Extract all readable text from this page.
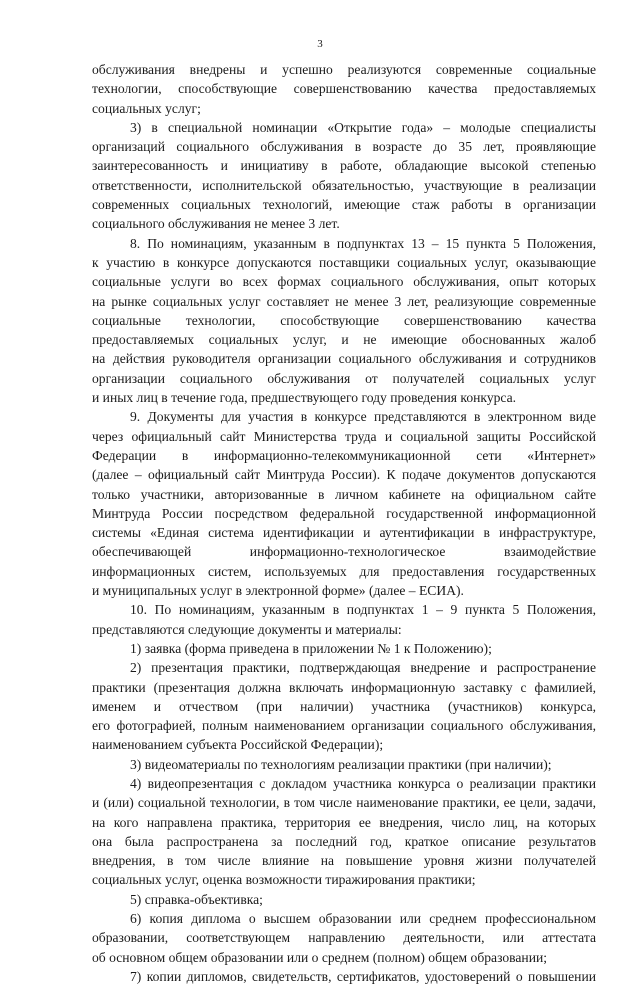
3

обслуживания внедрены и успешно реализуются современные социальные

технологии, способствующие совершенствованию качества предоставляемых

социальных услуг;

3) в специальной номинации «Открытие года» – молодые специалисты

организаций социального обслуживания в возрасте до 35 лет, проявляющие

заинтересованность и инициативу в работе, обладающие высокой степенью

ответственности, исполнительской обязательностью, участвующие в реализации

современных социальных технологий, имеющие стаж работы в организации

социального обслуживания не менее 3 лет.

8. По номинациям, указанным в подпунктах 13 – 15 пункта 5 Положения,

к участию в конкурсе допускаются поставщики социальных услуг, оказывающие

социальные услуги во всех формах социального обслуживания, опыт которых

на рынке социальных услуг составляет не менее 3 лет, реализующие современные

социальные технологии, способствующие совершенствованию качества

предоставляемых социальных услуг, и не имеющие обоснованных жалоб

на действия руководителя организации социального обслуживания и сотрудников

организации социального обслуживания от получателей социальных услуг

и иных лиц в течение года, предшествующего году проведения конкурса.

9. Документы для участия в конкурсе представляются в электронном виде

через официальный сайт Министерства труда и социальной защиты Российской

Федерации в информационно-телекоммуникационной сети «Интернет»

(далее – официальный сайт Минтруда России). К подаче документов допускаются

только участники, авторизованные в личном кабинете на официальном сайте

Минтруда России посредством федеральной государственной информационной

системы «Единая система идентификации и аутентификации в инфраструктуре,

обеспечивающей информационно-технологическое взаимодействие

информационных систем, используемых для предоставления государственных

и муниципальных услуг в электронной форме» (далее – ЕСИА).

10. По номинациям, указанным в подпунктах 1 – 9 пункта 5 Положения,

представляются следующие документы и материалы:

1) заявка (форма приведена в приложении № 1 к Положению);

2) презентация практики, подтверждающая внедрение и распространение

практики (презентация должна включать информационную заставку с фамилией,

именем и отчеством (при наличии) участника (участников) конкурса,

его фотографией, полным наименованием организации социального обслуживания,

наименованием субъекта Российской Федерации);

3) видеоматериалы по технологиям реализации практики (при наличии);

4) видеопрезентация с докладом участника конкурса о реализации практики

и (или) социальной технологии, в том числе наименование практики, ее цели, задачи,

на кого направлена практика, территория ее внедрения, число лиц, на которых

она была распространена за последний год, краткое описание результатов

внедрения, в том числе влияние на повышение уровня жизни получателей

социальных услуг, оценка возможности тиражирования практики;

5) справка-объективка;

6) копия диплома о высшем образовании или среднем профессиональном

образовании, соответствующем направлению деятельности, или аттестата

об основном общем образовании или о среднем (полном) общем образовании;

7) копии дипломов, свидетельств, сертификатов, удостоверений о повышении
